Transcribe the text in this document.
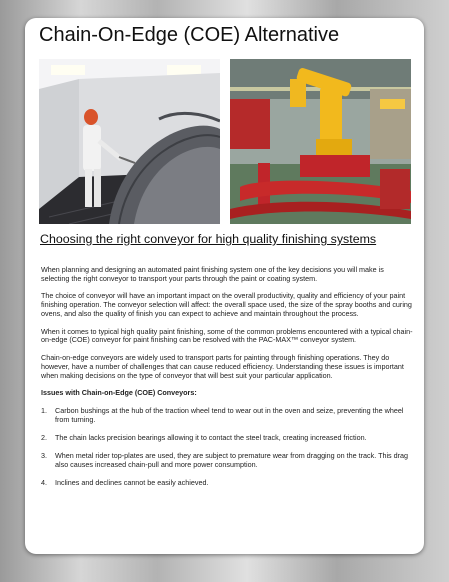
Chain-On-Edge (COE) Alternative
Choosing the right conveyor for high quality finishing systems

When planning and designing an automated paint finishing system one of the key decisions you will make is selecting the right conveyor to transport your parts through the paint or coating system.

The choice of conveyor will have an important impact on the overall productivity, quality and efficiency of your paint finishing operation. The conveyor selection will affect: the overall space used, the size of the spray booths and curing ovens, and also the quality of finish you can expect to achieve and maintain throughout the process.

When it comes to typical high quality paint finishing, some of the common problems encountered with a typical chain-on-edge (COE) conveyor for paint finishing can be resolved with the PAC-MAX™ conveyor system.

Chain-on-edge conveyors are widely used to transport parts for painting through finishing operations. They do however, have a number of challenges that can cause reduced efficiency. Understanding these issues is important when making decisions on the type of conveyor that will best suit your particular application.

Issues with Chain-on-Edge (COE) Conveyors:
1. Carbon bushings at the hub of the traction wheel tend to wear out in the oven and seize, preventing the wheel from turning.
2. The chain lacks precision bearings allowing it to contact the steel track, creating increased friction.
3. When metal rider top-plates are used, they are subject to premature wear from dragging on the track. This drag also causes increased chain-pull and more power consumption.
4. Inclines and declines cannot be easily achieved.
